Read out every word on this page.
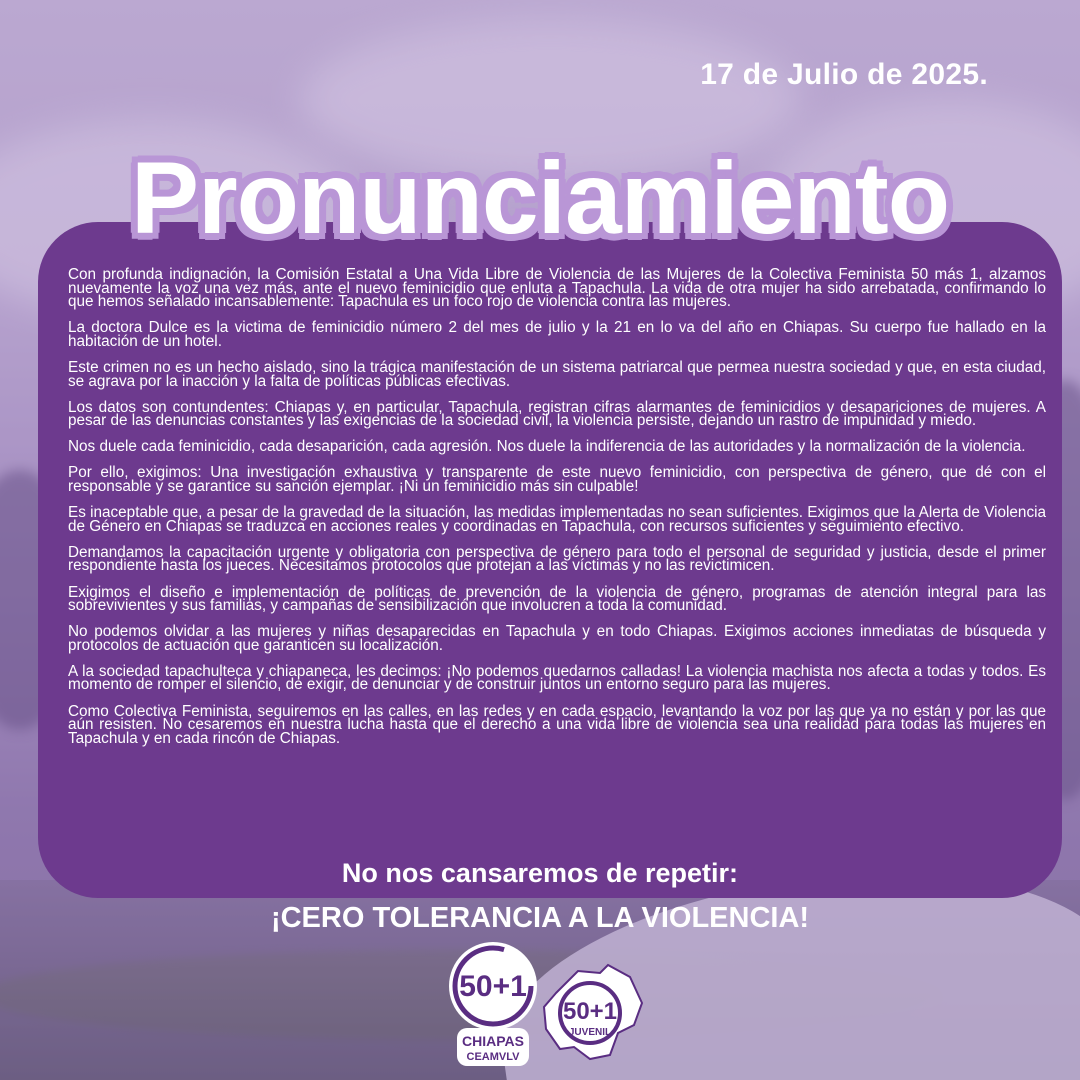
17 de Julio de 2025.
Pronunciamiento

Con profunda indignación, la Comisión Estatal a Una Vida Libre de Violencia de las Mujeres de la Colectiva Feminista 50 más 1, alzamos nuevamente la voz una vez más, ante el nuevo feminicidio que enluta a Tapachula. La vida de otra mujer ha sido arrebatada, confirmando lo que hemos señalado incansablemente: Tapachula es un foco rojo de violencia contra las mujeres.

La doctora Dulce es la victima de feminicidio número 2 del mes de julio y la 21 en lo va del año en Chiapas. Su cuerpo fue hallado en la habitación de un hotel.

Este crimen no es un hecho aislado, sino la trágica manifestación de un sistema patriarcal que permea nuestra sociedad y que, en esta ciudad, se agrava por la inacción y la falta de políticas públicas efectivas.

Los datos son contundentes: Chiapas y, en particular, Tapachula, registran cifras alarmantes de feminicidios y desapariciones de mujeres. A pesar de las denuncias constantes y las exigencias de la sociedad civil, la violencia persiste, dejando un rastro de impunidad y miedo.

Nos duele cada feminicidio, cada desaparición, cada agresión. Nos duele la indiferencia de las autoridades y la normalización de la violencia.

Por ello, exigimos: Una investigación exhaustiva y transparente de este nuevo feminicidio, con perspectiva de género, que dé con el responsable y se garantice su sanción ejemplar. ¡Ni un feminicidio más sin culpable!

Es inaceptable que, a pesar de la gravedad de la situación, las medidas implementadas no sean suficientes. Exigimos que la Alerta de Violencia de Género en Chiapas se traduzca en acciones reales y coordinadas en Tapachula, con recursos suficientes y seguimiento efectivo.

Demandamos la capacitación urgente y obligatoria con perspectiva de género para todo el personal de seguridad y justicia, desde el primer respondiente hasta los jueces. Necesitamos protocolos que protejan a las víctimas y no las revictimicen.

Exigimos el diseño e implementación de políticas de prevención de la violencia de género, programas de atención integral para las sobrevivientes y sus familias, y campañas de sensibilización que involucren a toda la comunidad.

No podemos olvidar a las mujeres y niñas desaparecidas en Tapachula y en todo Chiapas. Exigimos acciones inmediatas de búsqueda y protocolos de actuación que garanticen su localización.

A la sociedad tapachulteca y chiapaneca, les decimos: ¡No podemos quedarnos calladas! La violencia machista nos afecta a todas y todos. Es momento de romper el silencio, de exigir, de denunciar y de construir juntos un entorno seguro para las mujeres.

Como Colectiva Feminista, seguiremos en las calles, en las redes y en cada espacio, levantando la voz por las que ya no están y por las que aún resisten. No cesaremos en nuestra lucha hasta que el derecho a una vida libre de violencia sea una realidad para todas las mujeres en Tapachula y en cada rincón de Chiapas.

No nos cansaremos de repetir:
¡CERO TOLERANCIA A LA VIOLENCIA!
50+1
CHIAPAS
CEAMVLV
50+1
JUVENIL
